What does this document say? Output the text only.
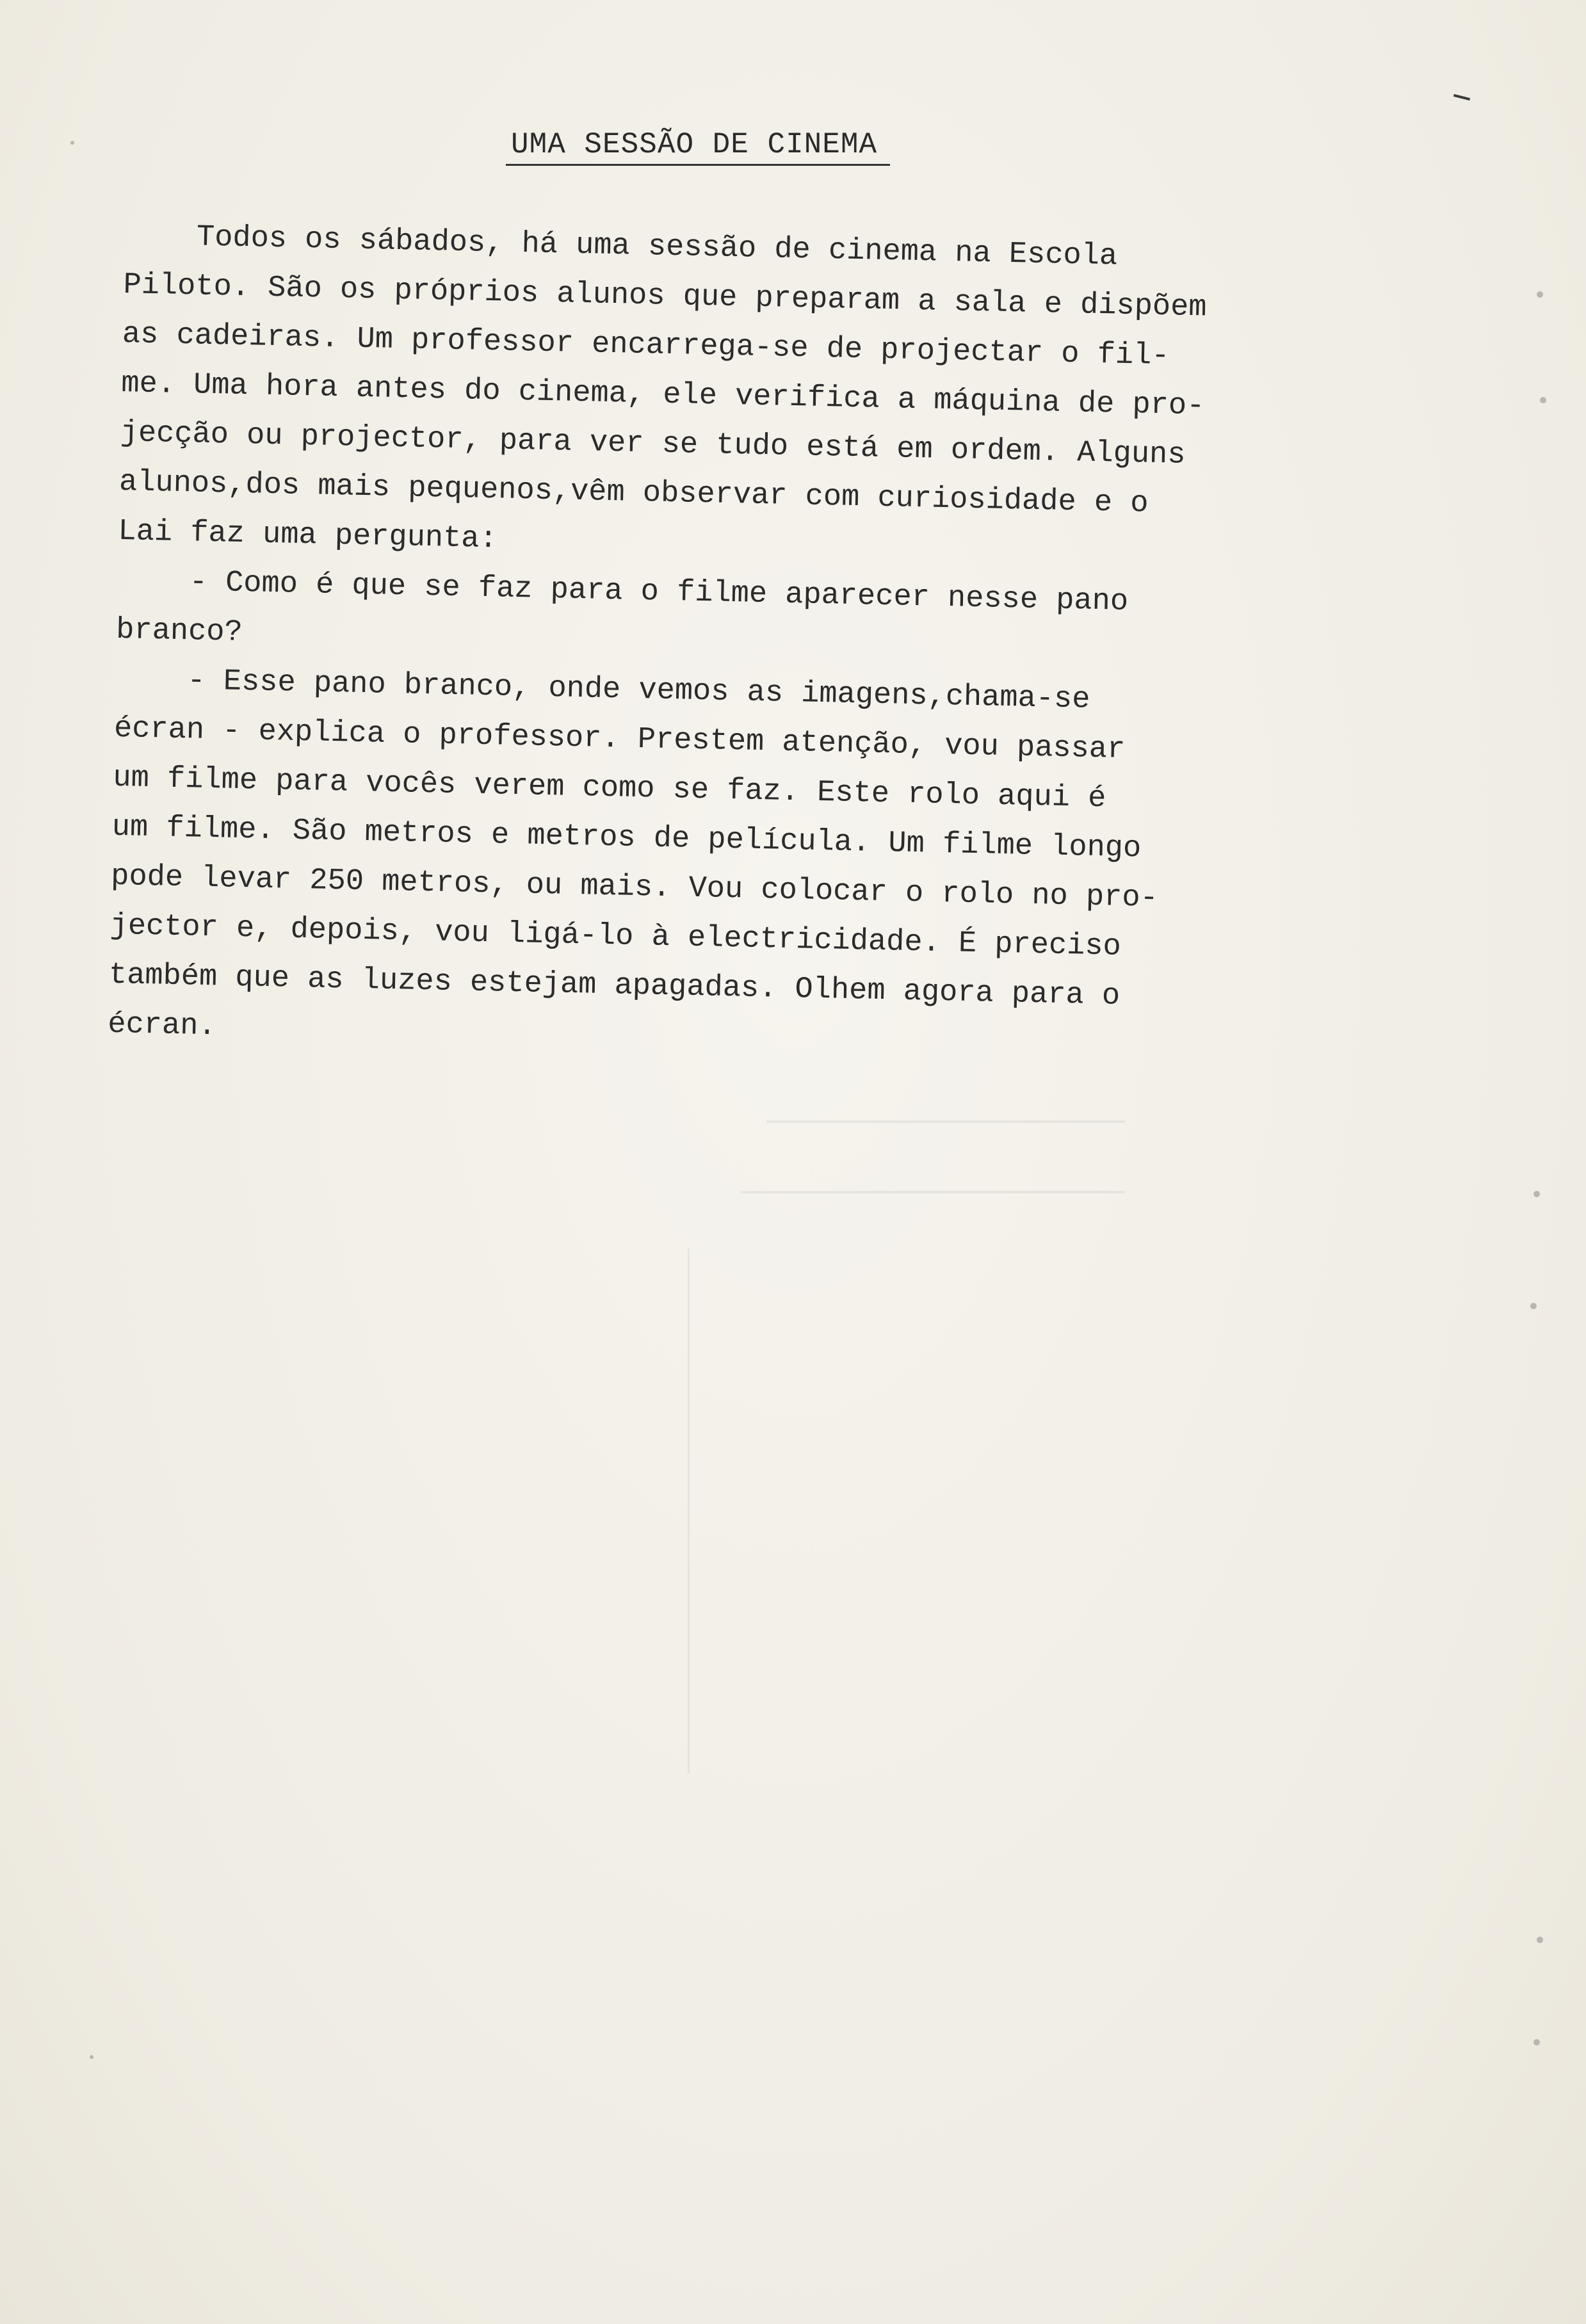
UMA SESSÃO DE CINEMA
Todos os sábados, há uma sessão de cinema na Escola
Piloto. São os próprios alunos que preparam a sala e dispõem
as cadeiras. Um professor encarrega-se de projectar o fil-
me. Uma hora antes do cinema, ele verifica a máquina de pro-
jecção ou projector, para ver se tudo está em ordem. Alguns
alunos,dos mais pequenos,vêm observar com curiosidade e o
Lai faz uma pergunta:
- Como é que se faz para o filme aparecer nesse pano
branco?
- Esse pano branco, onde vemos as imagens,chama-se
écran - explica o professor. Prestem atenção, vou passar
um filme para vocês verem como se faz. Este rolo aqui é
um filme. São metros e metros de película. Um filme longo
pode levar 250 metros, ou mais. Vou colocar o rolo no pro-
jector e, depois, vou ligá-lo à electricidade. É preciso
também que as luzes estejam apagadas. Olhem agora para o
écran.
